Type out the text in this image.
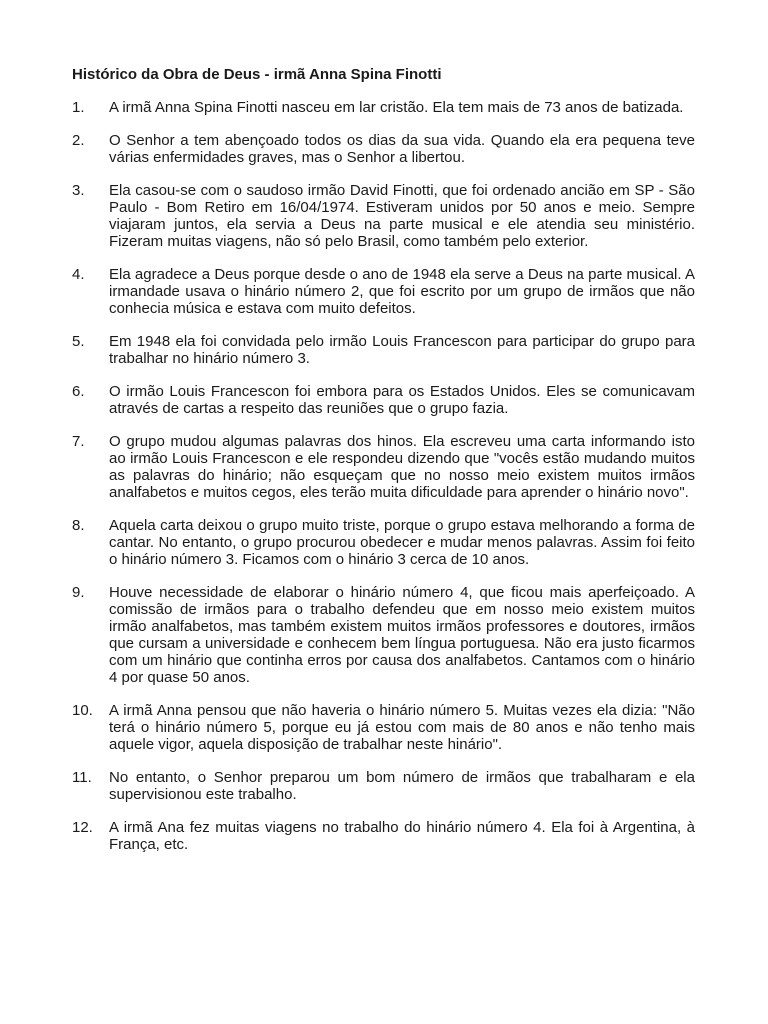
Histórico da Obra de Deus - irmã Anna Spina Finotti
1. A irmã Anna Spina Finotti nasceu em lar cristão. Ela tem mais de 73 anos de batizada.
2. O Senhor a tem abençoado todos os dias da sua vida. Quando ela era pequena teve várias enfermidades graves, mas o Senhor a libertou.
3. Ela casou-se com o saudoso irmão David Finotti, que foi ordenado ancião em SP - São Paulo - Bom Retiro em 16/04/1974. Estiveram unidos por 50 anos e meio. Sempre viajaram juntos, ela servia a Deus na parte musical e ele atendia seu ministério. Fizeram muitas viagens, não só pelo Brasil, como também pelo exterior.
4. Ela agradece a Deus porque desde o ano de 1948 ela serve a Deus na parte musical. A irmandade usava o hinário número 2, que foi escrito por um grupo de irmãos que não conhecia música e estava com muito defeitos.
5. Em 1948 ela foi convidada pelo irmão Louis Francescon para participar do grupo para trabalhar no hinário número 3.
6. O irmão Louis Francescon foi embora para os Estados Unidos. Eles se comunicavam através de cartas a respeito das reuniões que o grupo fazia.
7. O grupo mudou algumas palavras dos hinos. Ela escreveu uma carta informando isto ao irmão Louis Francescon e ele respondeu dizendo que "vocês estão mudando muitos as palavras do hinário; não esqueçam que no nosso meio existem muitos irmãos analfabetos e muitos cegos, eles terão muita dificuldade para aprender o hinário novo".
8. Aquela carta deixou o grupo muito triste, porque o grupo estava melhorando a forma de cantar. No entanto, o grupo procurou obedecer e mudar menos palavras. Assim foi feito o hinário número 3. Ficamos com o hinário 3 cerca de 10 anos.
9. Houve necessidade de elaborar o hinário número 4, que ficou mais aperfeiçoado. A comissão de irmãos para o trabalho defendeu que em nosso meio existem muitos irmão analfabetos, mas também existem muitos irmãos professores e doutores, irmãos que cursam a universidade e conhecem bem língua portuguesa. Não era justo ficarmos com um hinário que continha erros por causa dos analfabetos. Cantamos com o hinário 4 por quase 50 anos.
10. A irmã Anna pensou que não haveria o hinário número 5. Muitas vezes ela dizia: "Não terá o hinário número 5, porque eu já estou com mais de 80 anos e não tenho mais aquele vigor, aquela disposição de trabalhar neste hinário".
11. No entanto, o Senhor preparou um bom número de irmãos que trabalharam e ela supervisionou este trabalho.
12. A irmã Ana fez muitas viagens no trabalho do hinário número 4. Ela foi à Argentina, à França, etc.
